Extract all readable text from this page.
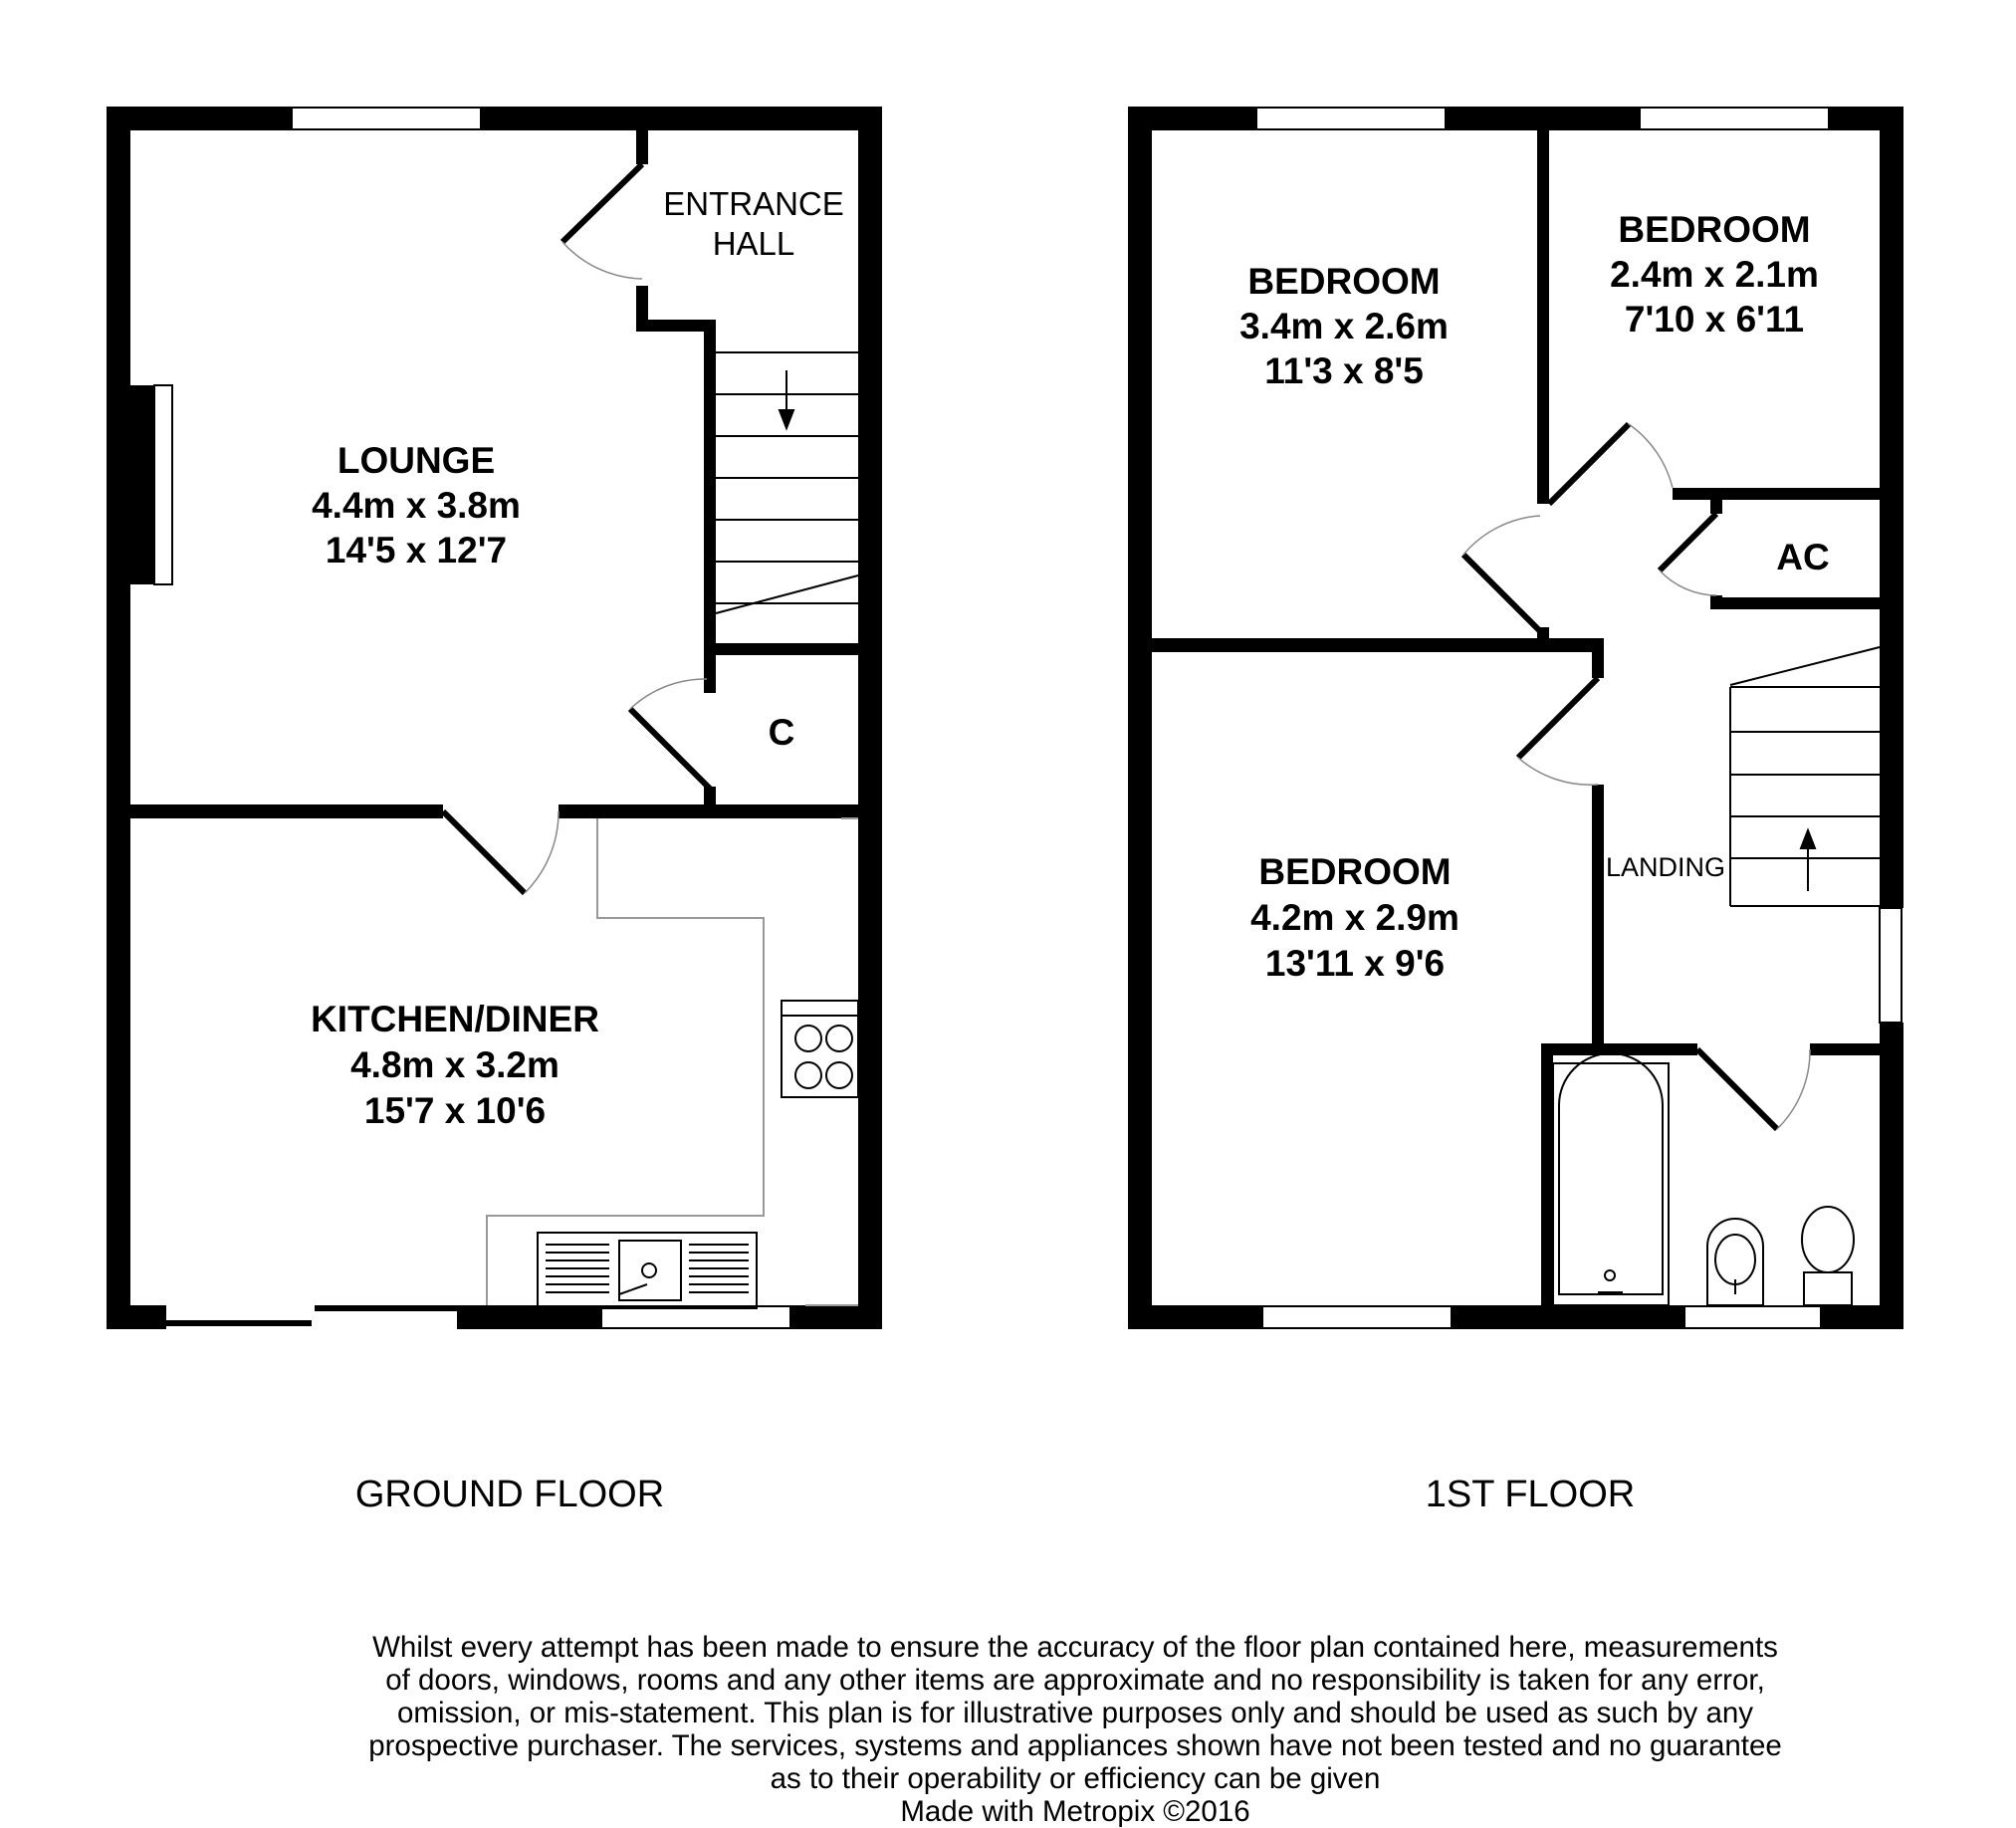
LOUNGE
4.4m x 3.8m
14'5 x 12'7
ENTRANCE
HALL
C
KITCHEN/DINER
4.8m x 3.2m
15'7 x 10'6
GROUND FLOOR
BEDROOM
3.4m x 2.6m
11'3 x 8'5
BEDROOM
2.4m x 2.1m
7'10 x 6'11
AC
BEDROOM
4.2m x 2.9m
13'11 x 9'6
LANDING
1ST FLOOR
Whilst every attempt has been made to ensure the accuracy of the floor plan contained here, measurements
of doors, windows, rooms and any other items are approximate and no responsibility is taken for any error,
omission, or mis-statement. This plan is for illustrative purposes only and should be used as such by any
prospective purchaser. The services, systems and appliances shown have not been tested and no guarantee
as to their operability or efficiency can be given
Made with Metropix ©2016
